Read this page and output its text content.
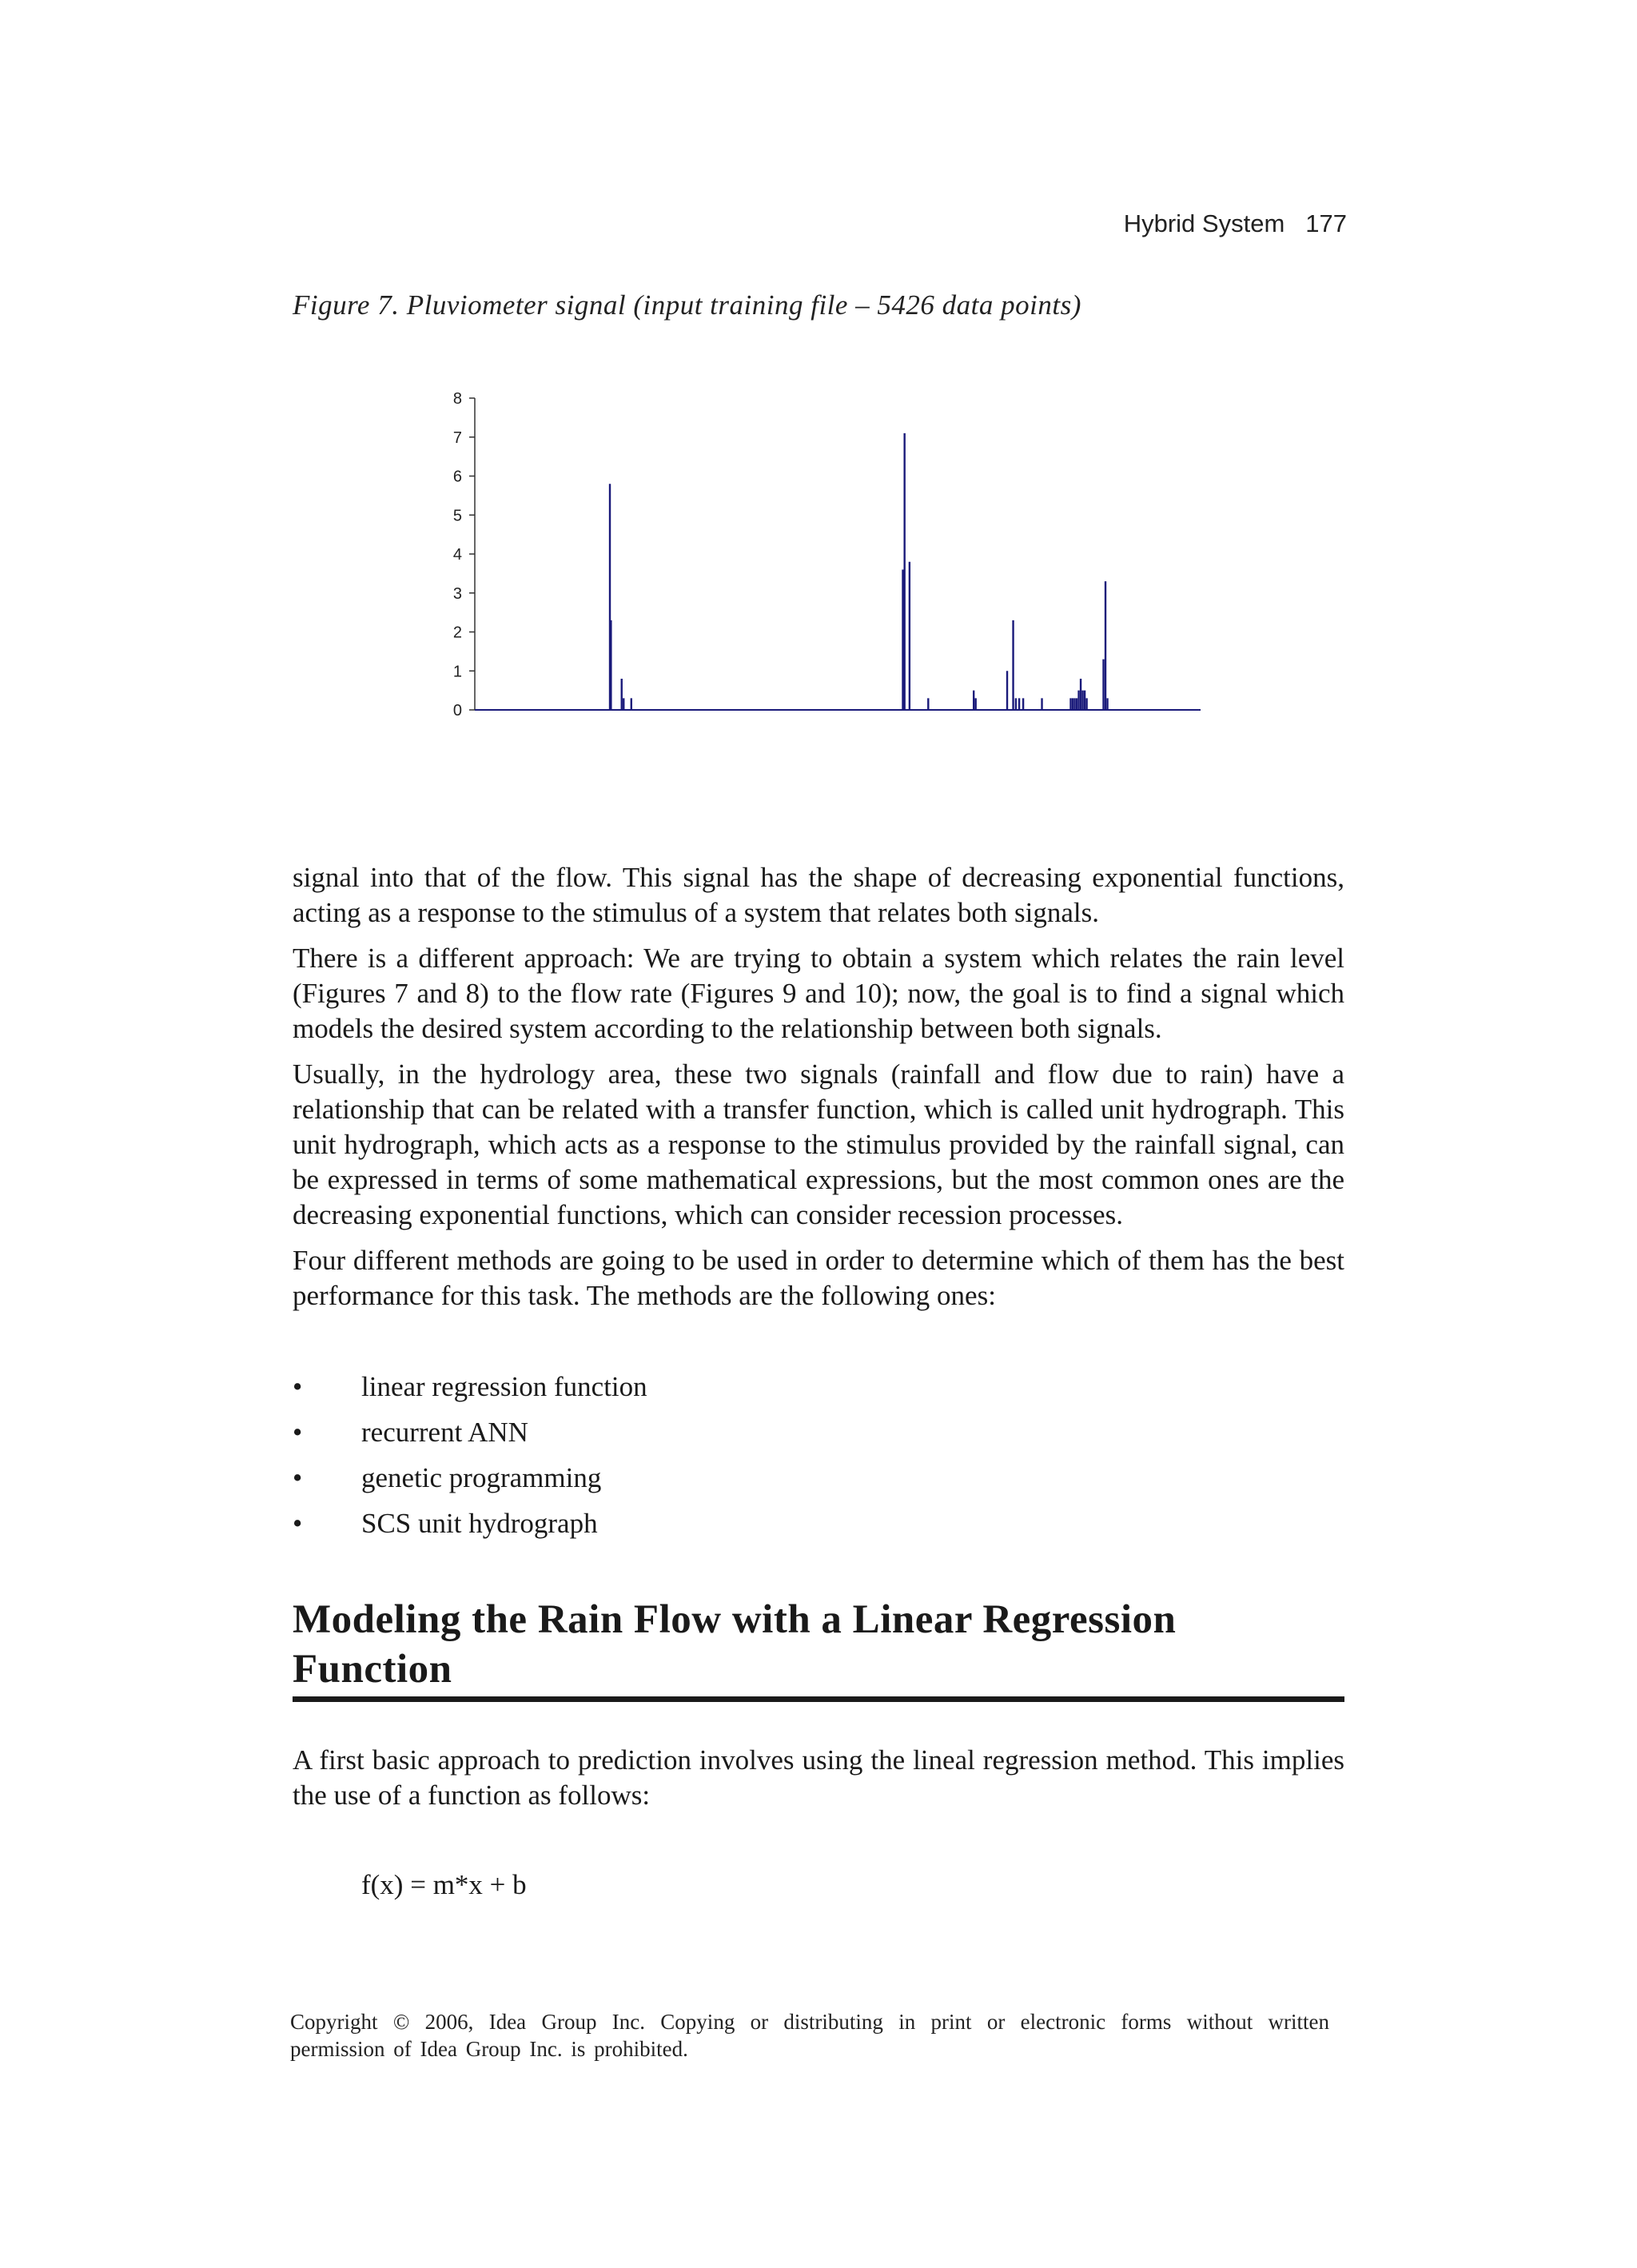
Hybrid System 177
Figure 7. Pluviometer signal (input training file – 5426 data points)
0
1
2
3
4
5
6
7
8

signal into that of the flow. This signal has the shape of decreasing exponential functions, acting as a response to the stimulus of a system that relates both signals.

There is a different approach: We are trying to obtain a system which relates the rain level (Figures 7 and 8) to the flow rate (Figures 9 and 10); now, the goal is to find a signal which models the desired system according to the relationship between both signals.

Usually, in the hydrology area, these two signals (rainfall and flow due to rain) have a relationship that can be related with a transfer function, which is called unit hydrograph. This unit hydrograph, which acts as a response to the stimulus provided by the rainfall signal, can be expressed in terms of some mathematical expressions, but the most common ones are the decreasing exponential functions, which can consider recession processes.

Four different methods are going to be used in order to determine which of them has the best performance for this task. The methods are the following ones:

• linear regression function
• recurrent ANN
• genetic programming
• SCS unit hydrograph
Modeling the Rain Flow with a Linear Regression
Function

A first basic approach to prediction involves using the lineal regression method. This implies the use of a function as follows:

f(x) = m*x + b

Copyright © 2006, Idea Group Inc. Copying or distributing in print or electronic forms without written permission of Idea Group Inc. is prohibited.
